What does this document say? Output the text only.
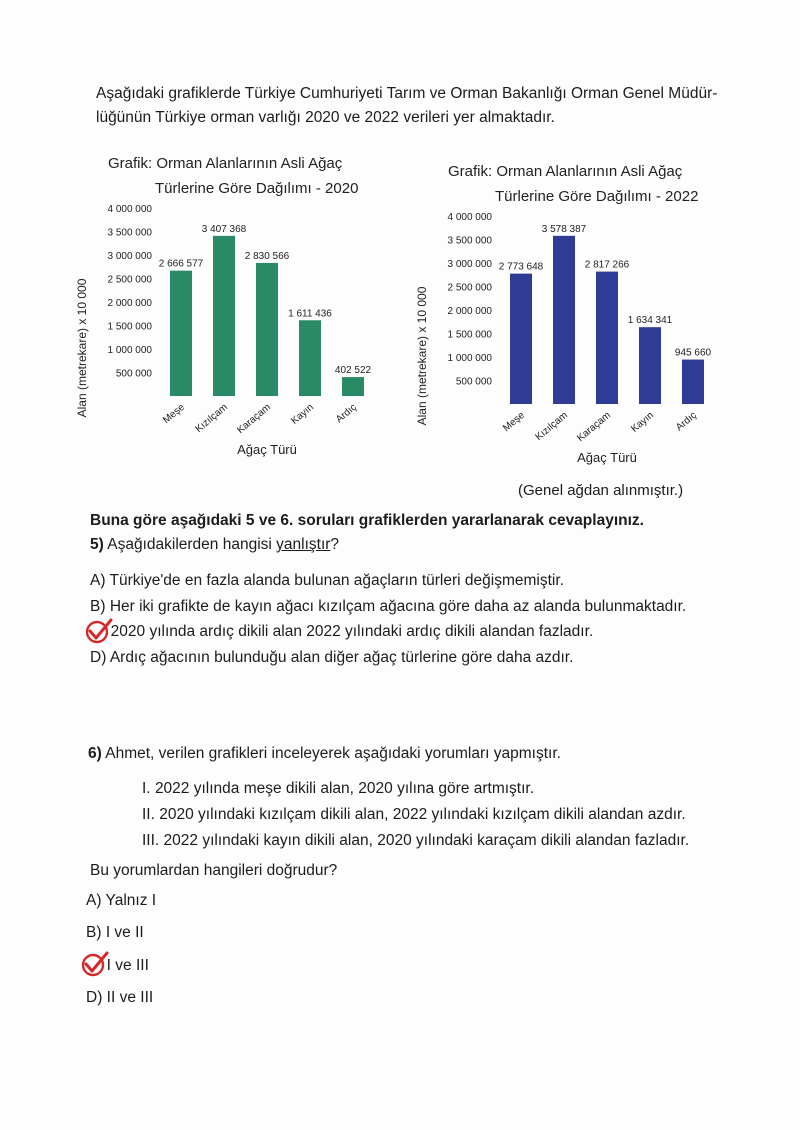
Aşağıdaki grafiklerde Türkiye Cumhuriyeti Tarım ve Orman Bakanlığı Orman Genel Müdür-lüğünün Türkiye orman varlığı 2020 ve 2022 verileri yer almaktadır.
Grafik: Orman Alanlarının Asli Ağaç
Türlerine Göre Dağılımı - 2020
Alan (metrekare) x 10 000	500 000
1 000 000
1 500 000
2 000 000
2 500 000
3 000 000
3 500 000
4 000 000
2 666 577
Meşe
3 407 368
Kızılçam
2 830 566
Karaçam
1 611 436
Kayın
402 522
Ardıç
Ağaç Türü
Grafik: Orman Alanlarının Asli Ağaç
Türlerine Göre Dağılımı - 2022
Alan (metrekare) x 10 000	500 000
1 000 000
1 500 000
2 000 000
2 500 000
3 000 000
3 500 000
4 000 000
2 773 648
Meşe
3 578 387
Kızılçam
2 817 266
Karaçam
1 634 341
Kayın
945 660
Ardıç
Ağaç Türü
(Genel ağdan alınmıştır.)
Buna göre aşağıdaki 5 ve 6. soruları grafiklerden yararlanarak cevaplayınız.
5) Aşağıdakilerden hangisi yanlıştır?
A) Türkiye'de en fazla alanda bulunan ağaçların türleri değişmemiştir.
B) Her iki grafikte de kayın ağacı kızılçam ağacına göre daha az alanda bulunmaktadır.
2020 yılında ardıç dikili alan 2022 yılındaki ardıç dikili alandan fazladır.
D) Ardıç ağacının bulunduğu alan diğer ağaç türlerine göre daha azdır.
6) Ahmet, verilen grafikleri inceleyerek aşağıdaki yorumları yapmıştır.
I. 2022 yılında meşe dikili alan, 2020 yılına göre artmıştır.
II. 2020 yılındaki kızılçam dikili alan, 2022 yılındaki kızılçam dikili alandan azdır.
III. 2022 yılındaki kayın dikili alan, 2020 yılındaki karaçam dikili alandan fazladır.
Bu yorumlardan hangileri doğrudur?
A) Yalnız I
B) I ve II
I ve III
D) II ve III
